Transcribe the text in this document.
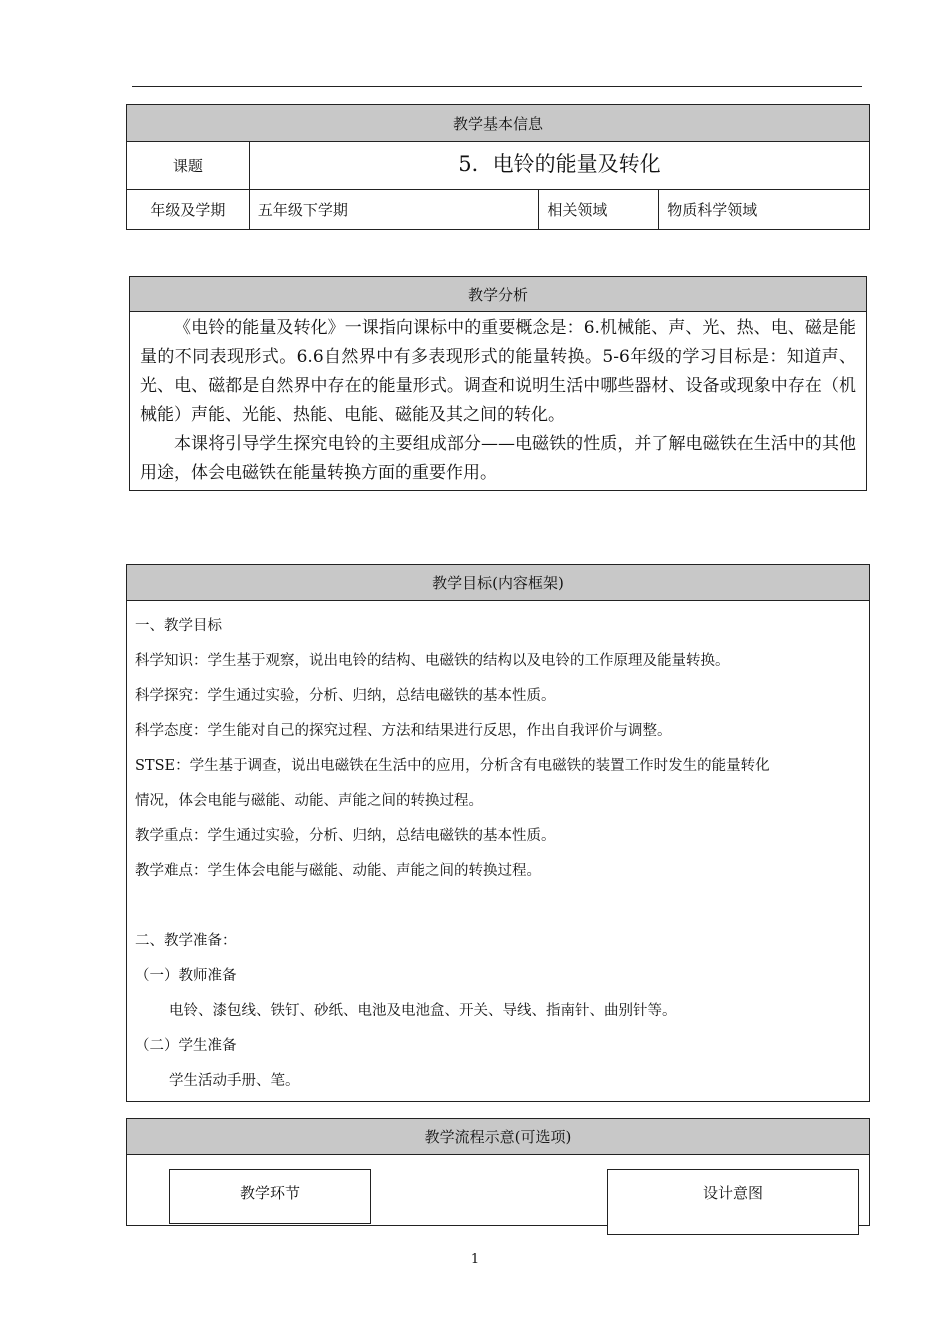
教学基本信息			
课题	5．电铃的能量及转化		
年级及学期	五年级下学期	相关领域	物质科学领域
教学分析

《电铃的能量及转化》一课指向课标中的重要概念是：6.机械能、声、光、热、电、磁是能量的不同表现形式。6.6自然界中有多表现形式的能量转换。5-6年级的学习目标是：知道声、光、电、磁都是自然界中存在的能量形式。调查和说明生活中哪些器材、设备或现象中存在（机械能）声能、光能、热能、电能、磁能及其之间的转化。

本课将引导学生探究电铃的主要组成部分——电磁铁的性质，并了解电磁铁在生活中的其他用途，体会电磁铁在能量转换方面的重要作用。

教学目标(内容框架)

一、教学目标
科学知识：学生基于观察，说出电铃的结构、电磁铁的结构以及电铃的工作原理及能量转换。
科学探究：学生通过实验，分析、归纳，总结电磁铁的基本性质。
科学态度：学生能对自己的探究过程、方法和结果进行反思，作出自我评价与调整。
STSE：学生基于调查，说出电磁铁在生活中的应用，分析含有电磁铁的装置工作时发生的能量转化
情况，体会电能与磁能、动能、声能之间的转换过程。
教学重点：学生通过实验，分析、归纳，总结电磁铁的基本性质。
教学难点：学生体会电能与磁能、动能、声能之间的转换过程。
二、教学准备：
（一）教师准备
电铃、漆包线、铁钉、砂纸、电池及电池盒、开关、导线、指南针、曲别针等。
（二）学生准备
学生活动手册、笔。
教学流程示意(可选项)

教学环节	设计意图
1
